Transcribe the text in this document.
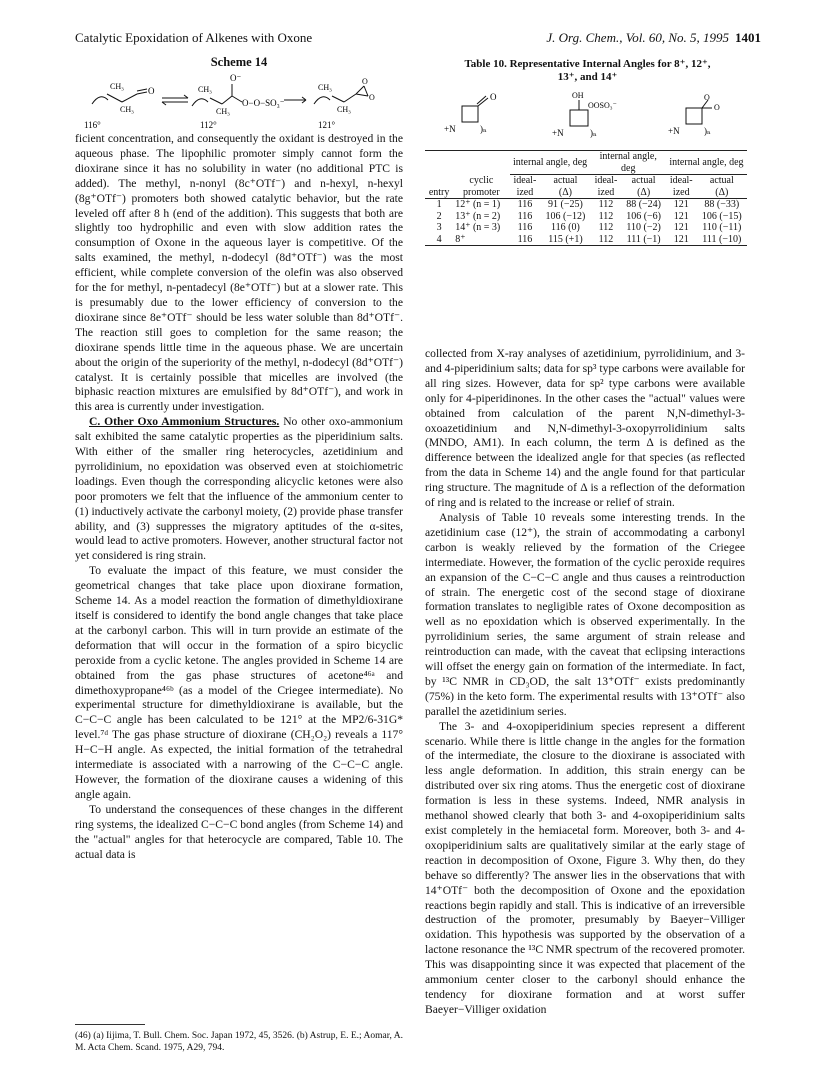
Catalytic Epoxidation of Alkenes with Oxone	J. Org. Chem., Vol. 60, No. 5, 1995 1401
Scheme 14
CH₃
CH₃
O
O⁻
CH₃
CH₃
O−O−SO₃⁻
CH₃
CH₃
O
O
116°	112°	121°
Table 10. Representative Internal Angles for 8⁺, 12⁺,
13⁺, and 14⁺
O	OH
OOSO₃⁻
O
O
+N	)ₙ	+N	)ₙ	+N	)ₙ
		internal angle, deg		internal angle, deg		internal angle, deg	
	cyclic	ideal-	actual	ideal-	actual	ideal-	actual
entry	promoter	ized	(Δ)	ized	(Δ)	ized	(Δ)
1	12⁺ (n = 1)	116	91 (−25)	112	88 (−24)	121	88 (−33)
2	13⁺ (n = 2)	116	106 (−12)	112	106 (−6)	121	106 (−15)
3	14⁺ (n = 3)	116	116 (0)	112	110 (−2)	121	110 (−11)
4	8⁺	116	115 (+1)	112	111 (−1)	121	111 (−10)

ficient concentration, and consequently the oxidant is destroyed in the aqueous phase. The lipophilic promoter simply cannot form the dioxirane since it has no solubility in water (no additional PTC is added). The methyl, n-nonyl (8c⁺OTf⁻) and n-hexyl, n-hexyl (8g⁺OTf⁻) promoters both showed catalytic behavior, but the rate leveled off after 8 h (end of the addition). This suggests that both are slightly too hydrophilic and even with slow addition rates the consumption of Oxone in the aqueous layer is competitive. Of the salts examined, the methyl, n-dodecyl (8d⁺OTf⁻) was the most efficient, while complete conversion of the olefin was also observed for the for methyl, n-pentadecyl (8e⁺OTf⁻) but at a slower rate. This is presumably due to the lower efficiency of conversion to the dioxirane since 8e⁺OTf⁻ should be less water soluble than 8d⁺OTf⁻. The reaction still goes to completion for the same reason; the dioxirane spends little time in the aqueous phase. We are uncertain about the origin of the superiority of the methyl, n-dodecyl (8d⁺OTf⁻) catalyst. It is certainly possible that micelles are involved (the biphasic reaction mixtures are emulsified by 8d⁺OTf⁻), and work in this area is currently under investigation.

C. Other Oxo Ammonium Structures. No other oxo-ammonium salt exhibited the same catalytic properties as the piperidinium salts. With either of the smaller ring heterocycles, azetidinium and pyrrolidinium, no epoxidation was observed even at stoichiometric loadings. Even though the corresponding alicyclic ketones were also poor promoters we felt that the influence of the ammonium center to (1) inductively activate the carbonyl moiety, (2) provide phase transfer ability, and (3) suppresses the migratory aptitudes of the α-sites, would lead to active promoters. However, another structural factor not yet considered is ring strain.

To evaluate the impact of this feature, we must consider the geometrical changes that take place upon dioxirane formation, Scheme 14. As a model reaction the formation of dimethyldioxirane itself is considered to identify the bond angle changes that take place at the carbonyl carbon. This will in turn provide an estimate of the deformation that will occur in the formation of a spiro bicyclic peroxide from a cyclic ketone. The angles provided in Scheme 14 are obtained from the gas phase structures of acetone⁴⁶ᵃ and dimethoxypropane⁴⁶ᵇ (as a model of the Criegee intermediate). No experimental structure for dimethyldioxirane is available, but the C−C−C angle has been calculated to be 121° at the MP2/6-31G* level.⁷ᵈ The gas phase structure of dioxirane (CH₂O₂) reveals a 117° H−C−H angle. As expected, the initial formation of the tetrahedral intermediate is associated with a narrowing of the C−C−C angle. However, the formation of the dioxirane causes a widening of this angle again.

To understand the consequences of these changes in the different ring systems, the idealized C−C−C bond angles (from Scheme 14) and the "actual" angles for that heterocycle are compared, Table 10. The actual data is

collected from X-ray analyses of azetidinium, pyrrolidinium, and 3- and 4-piperidinium salts; data for sp³ type carbons were available for all ring sizes. However, data for sp² type carbons were available only for 4-piperidinones. In the other cases the "actual" values were obtained from calculation of the parent N,N-dimethyl-3-oxoazetidinium and N,N-dimethyl-3-oxopyrrolidinium salts (MNDO, AM1). In each column, the term Δ is defined as the difference between the idealized angle for that species (as reflected from the data in Scheme 14) and the angle found for that particular ring structure. The magnitude of Δ is a reflection of the deformation of ring and is related to the increase or relief of strain.

Analysis of Table 10 reveals some interesting trends. In the azetidinium case (12⁺), the strain of accommodating a carbonyl carbon is weakly relieved by the formation of the Criegee intermediate. However, the formation of the cyclic peroxide requires an expansion of the C−C−C angle and thus causes a reintroduction of strain. The energetic cost of the second stage of dioxirane formation translates to negligible rates of Oxone decomposition as well as no epoxidation which is observed experimentally. In the pyrrolidinium series, the same argument of strain release and reintroduction can made, with the caveat that eclipsing interactions will offset the energy gain on formation of the intermediate. In fact, by ¹³C NMR in CD₃OD, the salt 13⁺OTf⁻ exists predominantly (75%) in the keto form. The experimental results with 13⁺OTf⁻ also parallel the azetidinium series.

The 3- and 4-oxopiperidinium species represent a different scenario. While there is little change in the angles for the formation of the intermediate, the closure to the dioxirane is associated with less angle deformation. In addition, this strain energy can be distributed over six ring atoms. Thus the energetic cost of dioxirane formation is less in these systems. Indeed, NMR analysis in methanol showed clearly that both 3- and 4-oxopiperidinium salts exist completely in the hemiacetal form. Moreover, both 3- and 4-oxopiperidinium salts are qualitatively similar at the early stage of reaction in decomposition of Oxone, Figure 3. Why then, do they behave so differently? The answer lies in the observations that with 14⁺OTf⁻ both the decomposition of Oxone and the epoxidation reactions begin rapidly and stall. This is indicative of an irreversible destruction of the promoter, presumably by Baeyer−Villiger oxidation. This hypothesis was supported by the observation of a lactone resonance the ¹³C NMR spectrum of the recovered promoter. This was disappointing since it was expected that placement of the ammonium center closer to the carbonyl should enhance the tendency for dioxirane formation and at worst suffer Baeyer−Villiger oxidation

(46) (a) Iijima, T. Bull. Chem. Soc. Japan 1972, 45, 3526. (b) Astrup, E. E.; Aomar, A. M. Acta Chem. Scand. 1975, A29, 794.
